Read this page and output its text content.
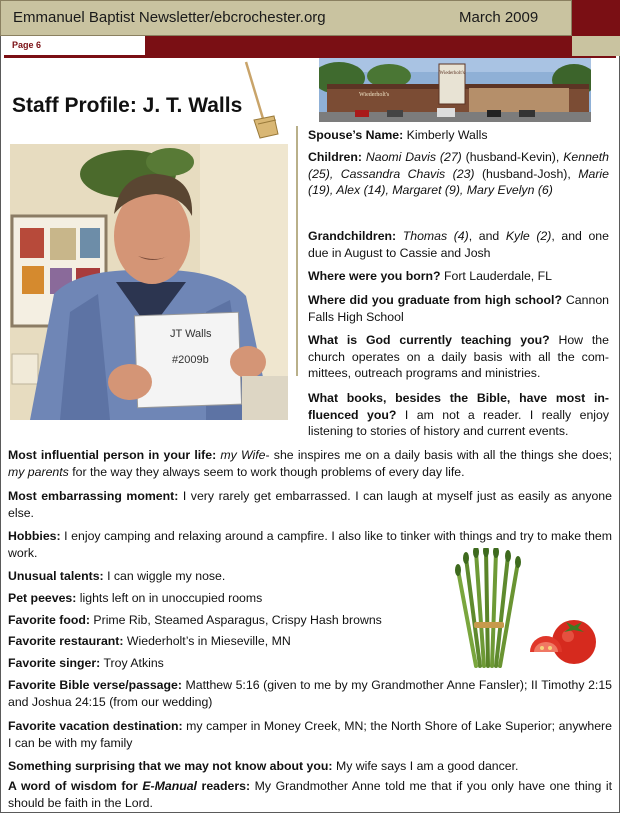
Emmanuel Baptist Newsletter/ebcrochester.org	March 2009
Page 6
Staff Profile: J. T. Walls
Wiederholt's
Wiederholt's
JT Walls
#2009b
Spouse’s Name: Kimberly Walls
Children: Naomi Davis (27) (husband-Kevin), Kenneth (25), Cassandra Chavis (23) (husband-Josh), Marie (19), Alex (14), Margaret (9), Mary Evelyn (6)
Grandchildren: Thomas (4), and Kyle (2), and one due in August to Cassie and Josh
Where were you born? Fort Lauderdale, FL
Where did you graduate from high school? Cannon Falls High School
What is God currently teaching you? How the church operates on a daily basis with all the com-mittees, outreach programs and ministries.
What books, besides the Bible, have most in-fluenced you? I am not a reader. I really enjoy listening to stories of history and current events.
Most influential person in your life: my Wife- she inspires me on a daily basis with all the things she does; my parents for the way they always seem to work though problems of every day life.
Most embarrassing moment: I very rarely get embarrassed. I can laugh at myself just as easily as anyone else.
Hobbies: I enjoy camping and relaxing around a campfire. I also like to tinker with things and try to make them work.
Unusual talents: I can wiggle my nose.
Pet peeves: lights left on in unoccupied rooms
Favorite food: Prime Rib, Steamed Asparagus, Crispy Hash browns
Favorite restaurant: Wiederholt’s in Mieseville, MN
Favorite singer: Troy Atkins
Favorite Bible verse/passage: Matthew 5:16 (given to me by my Grandmother Anne Fansler); II Timothy 2:15 and Joshua 24:15 (from our wedding)
Favorite vacation destination: my camper in Money Creek, MN; the North Shore of Lake Superior; anywhere I can be with my family
Something surprising that we may not know about you: My wife says I am a good dancer.
A word of wisdom for E-Manual readers: My Grandmother Anne told me that if you only have one thing it should be faith in the Lord.
